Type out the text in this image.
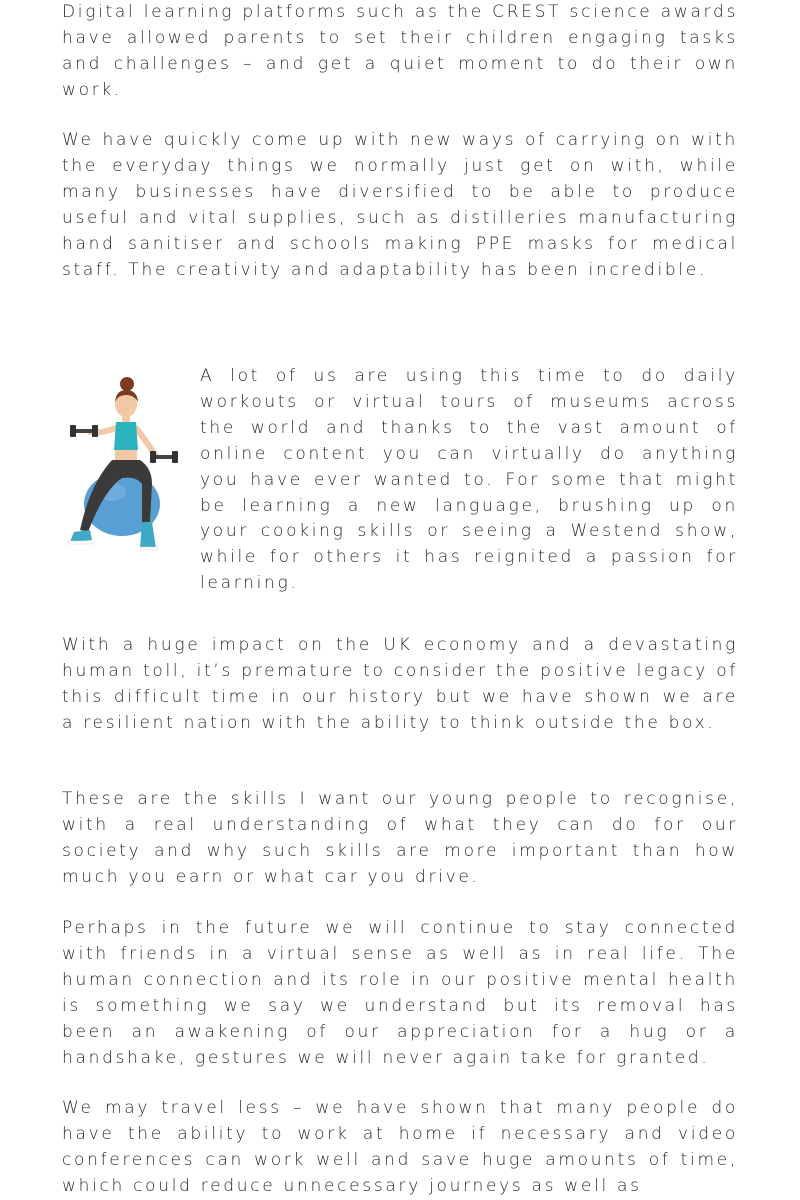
Digital learning platforms such as the CREST science awards have allowed parents to set their children engaging tasks and challenges – and get a quiet moment to do their own work.

We have quickly come up with new ways of carrying on with the everyday things we normally just get on with, while many businesses have diversified to be able to produce useful and vital supplies, such as distilleries manufacturing hand sanitiser and schools making PPE masks for medical staff. The creativity and adaptability has been incredible.

A lot of us are using this time to do daily workouts or virtual tours of museums across the world and thanks to the vast amount of online content you can virtually do anything you have ever wanted to. For some that might be learning a new language, brushing up on your cooking skills or seeing a Westend show, while for others it has reignited a passion for learning.

With a huge impact on the UK economy and a devastating human toll, it’s premature to consider the positive legacy of this difficult time in our history but we have shown we are a resilient nation with the ability to think outside the box.

These are the skills I want our young people to recognise, with a real understanding of what they can do for our society and why such skills are more important than how much you earn or what car you drive.

Perhaps in the future we will continue to stay connected with friends in a virtual sense as well as in real life. The human connection and its role in our positive mental health is something we say we understand but its removal has been an awakening of our appreciation for a hug or a handshake, gestures we will never again take for granted.

We may travel less – we have shown that many people do have the ability to work at home if necessary and video conferences can work well and save huge amounts of time, which could reduce unnecessary journeys as well as
